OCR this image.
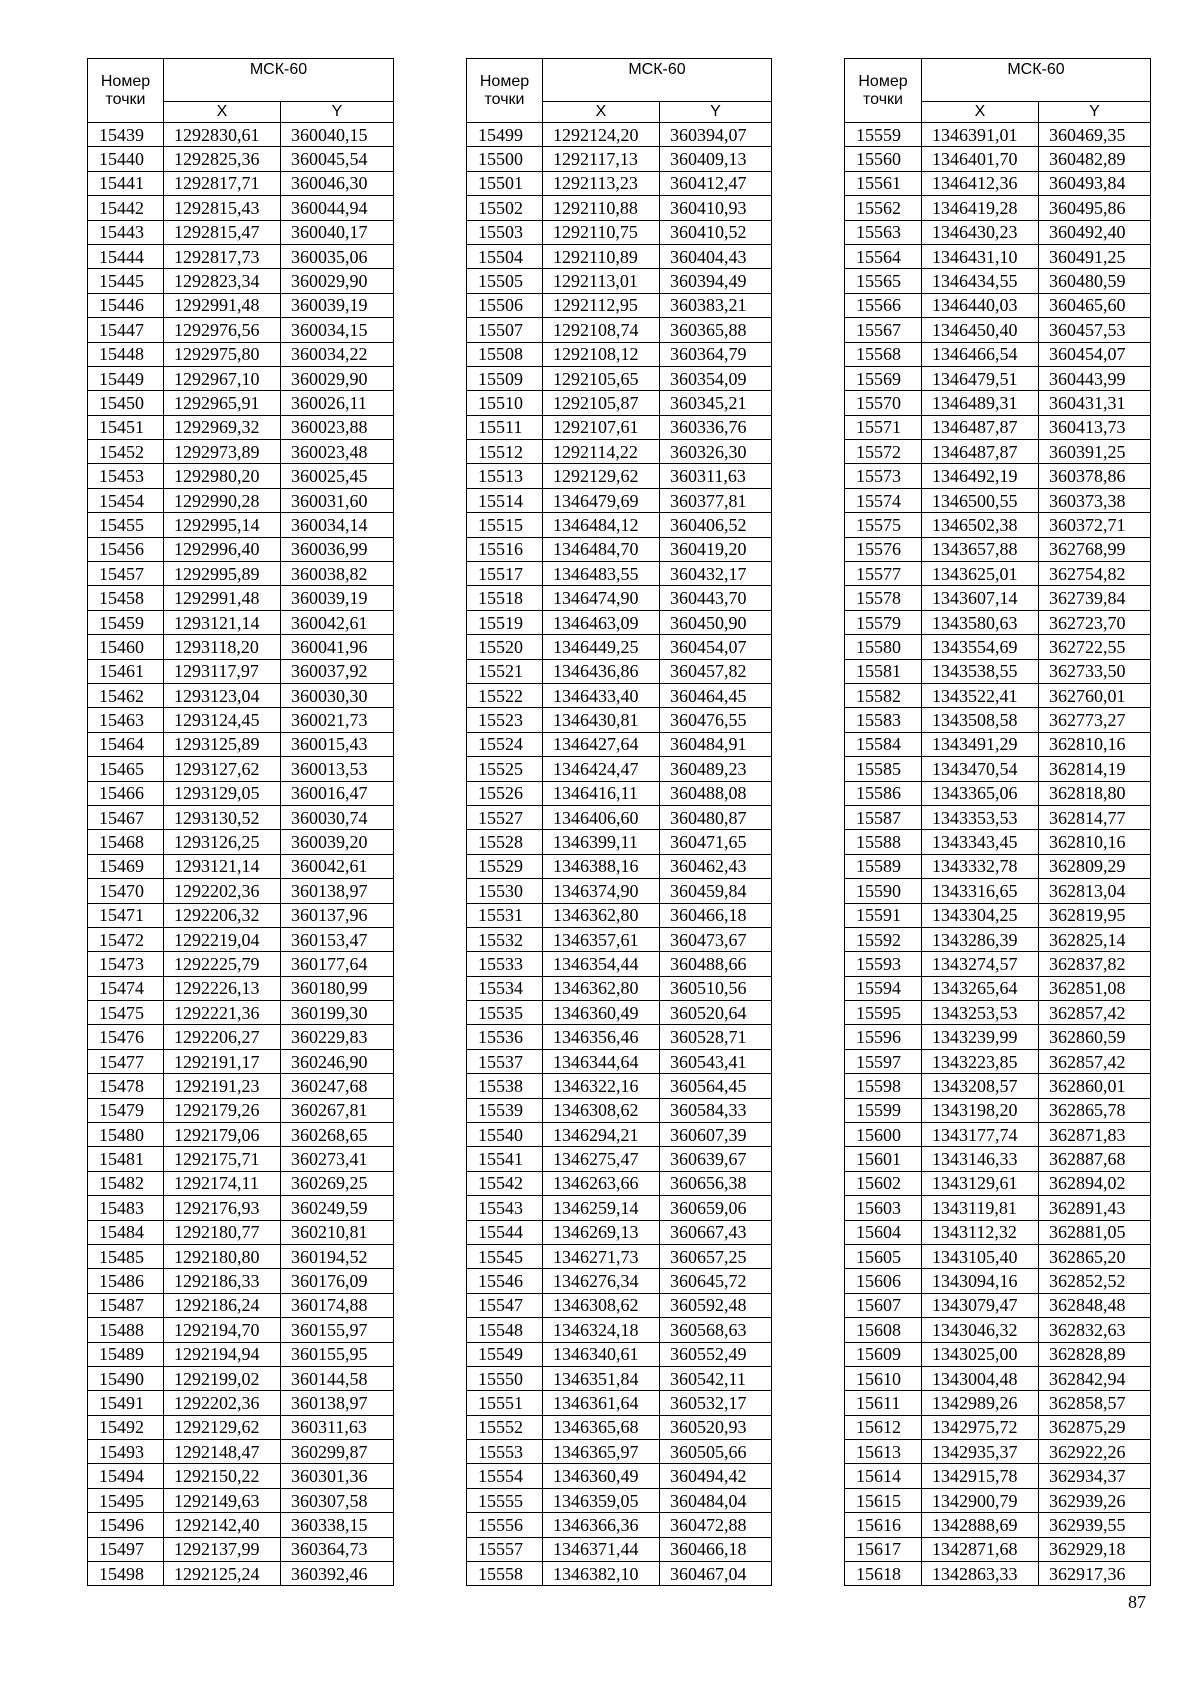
Номер точки	МСК-60	
	X	Y
15439	1292830,61	360040,15
15440	1292825,36	360045,54
15441	1292817,71	360046,30
15442	1292815,43	360044,94
15443	1292815,47	360040,17
15444	1292817,73	360035,06
15445	1292823,34	360029,90
15446	1292991,48	360039,19
15447	1292976,56	360034,15
15448	1292975,80	360034,22
15449	1292967,10	360029,90
15450	1292965,91	360026,11
15451	1292969,32	360023,88
15452	1292973,89	360023,48
15453	1292980,20	360025,45
15454	1292990,28	360031,60
15455	1292995,14	360034,14
15456	1292996,40	360036,99
15457	1292995,89	360038,82
15458	1292991,48	360039,19
15459	1293121,14	360042,61
15460	1293118,20	360041,96
15461	1293117,97	360037,92
15462	1293123,04	360030,30
15463	1293124,45	360021,73
15464	1293125,89	360015,43
15465	1293127,62	360013,53
15466	1293129,05	360016,47
15467	1293130,52	360030,74
15468	1293126,25	360039,20
15469	1293121,14	360042,61
15470	1292202,36	360138,97
15471	1292206,32	360137,96
15472	1292219,04	360153,47
15473	1292225,79	360177,64
15474	1292226,13	360180,99
15475	1292221,36	360199,30
15476	1292206,27	360229,83
15477	1292191,17	360246,90
15478	1292191,23	360247,68
15479	1292179,26	360267,81
15480	1292179,06	360268,65
15481	1292175,71	360273,41
15482	1292174,11	360269,25
15483	1292176,93	360249,59
15484	1292180,77	360210,81
15485	1292180,80	360194,52
15486	1292186,33	360176,09
15487	1292186,24	360174,88
15488	1292194,70	360155,97
15489	1292194,94	360155,95
15490	1292199,02	360144,58
15491	1292202,36	360138,97
15492	1292129,62	360311,63
15493	1292148,47	360299,87
15494	1292150,22	360301,36
15495	1292149,63	360307,58
15496	1292142,40	360338,15
15497	1292137,99	360364,73
15498	1292125,24	360392,46
Номер точки	МСК-60	
	X	Y
15499	1292124,20	360394,07
15500	1292117,13	360409,13
15501	1292113,23	360412,47
15502	1292110,88	360410,93
15503	1292110,75	360410,52
15504	1292110,89	360404,43
15505	1292113,01	360394,49
15506	1292112,95	360383,21
15507	1292108,74	360365,88
15508	1292108,12	360364,79
15509	1292105,65	360354,09
15510	1292105,87	360345,21
15511	1292107,61	360336,76
15512	1292114,22	360326,30
15513	1292129,62	360311,63
15514	1346479,69	360377,81
15515	1346484,12	360406,52
15516	1346484,70	360419,20
15517	1346483,55	360432,17
15518	1346474,90	360443,70
15519	1346463,09	360450,90
15520	1346449,25	360454,07
15521	1346436,86	360457,82
15522	1346433,40	360464,45
15523	1346430,81	360476,55
15524	1346427,64	360484,91
15525	1346424,47	360489,23
15526	1346416,11	360488,08
15527	1346406,60	360480,87
15528	1346399,11	360471,65
15529	1346388,16	360462,43
15530	1346374,90	360459,84
15531	1346362,80	360466,18
15532	1346357,61	360473,67
15533	1346354,44	360488,66
15534	1346362,80	360510,56
15535	1346360,49	360520,64
15536	1346356,46	360528,71
15537	1346344,64	360543,41
15538	1346322,16	360564,45
15539	1346308,62	360584,33
15540	1346294,21	360607,39
15541	1346275,47	360639,67
15542	1346263,66	360656,38
15543	1346259,14	360659,06
15544	1346269,13	360667,43
15545	1346271,73	360657,25
15546	1346276,34	360645,72
15547	1346308,62	360592,48
15548	1346324,18	360568,63
15549	1346340,61	360552,49
15550	1346351,84	360542,11
15551	1346361,64	360532,17
15552	1346365,68	360520,93
15553	1346365,97	360505,66
15554	1346360,49	360494,42
15555	1346359,05	360484,04
15556	1346366,36	360472,88
15557	1346371,44	360466,18
15558	1346382,10	360467,04
Номер точки	МСК-60	
	X	Y
15559	1346391,01	360469,35
15560	1346401,70	360482,89
15561	1346412,36	360493,84
15562	1346419,28	360495,86
15563	1346430,23	360492,40
15564	1346431,10	360491,25
15565	1346434,55	360480,59
15566	1346440,03	360465,60
15567	1346450,40	360457,53
15568	1346466,54	360454,07
15569	1346479,51	360443,99
15570	1346489,31	360431,31
15571	1346487,87	360413,73
15572	1346487,87	360391,25
15573	1346492,19	360378,86
15574	1346500,55	360373,38
15575	1346502,38	360372,71
15576	1343657,88	362768,99
15577	1343625,01	362754,82
15578	1343607,14	362739,84
15579	1343580,63	362723,70
15580	1343554,69	362722,55
15581	1343538,55	362733,50
15582	1343522,41	362760,01
15583	1343508,58	362773,27
15584	1343491,29	362810,16
15585	1343470,54	362814,19
15586	1343365,06	362818,80
15587	1343353,53	362814,77
15588	1343343,45	362810,16
15589	1343332,78	362809,29
15590	1343316,65	362813,04
15591	1343304,25	362819,95
15592	1343286,39	362825,14
15593	1343274,57	362837,82
15594	1343265,64	362851,08
15595	1343253,53	362857,42
15596	1343239,99	362860,59
15597	1343223,85	362857,42
15598	1343208,57	362860,01
15599	1343198,20	362865,78
15600	1343177,74	362871,83
15601	1343146,33	362887,68
15602	1343129,61	362894,02
15603	1343119,81	362891,43
15604	1343112,32	362881,05
15605	1343105,40	362865,20
15606	1343094,16	362852,52
15607	1343079,47	362848,48
15608	1343046,32	362832,63
15609	1343025,00	362828,89
15610	1343004,48	362842,94
15611	1342989,26	362858,57
15612	1342975,72	362875,29
15613	1342935,37	362922,26
15614	1342915,78	362934,37
15615	1342900,79	362939,26
15616	1342888,69	362939,55
15617	1342871,68	362929,18
15618	1342863,33	362917,36
87
